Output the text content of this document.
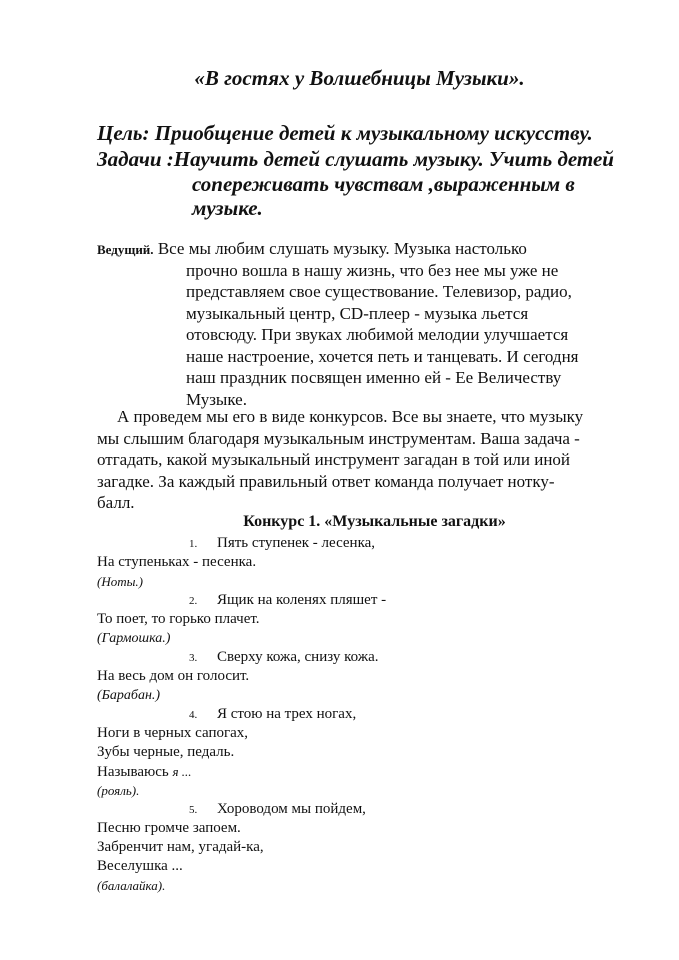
«В гостях у Волшебницы Музыки».
Цель: Приобщение детей к музыкальному искусству.
Задачи :Научить детей слушать музыку. Учить детей
сопереживать чувствам ,выраженным в
музыке.
Ведущий. Все мы любим слушать музыку. Музыка настолько
прочно вошла в нашу жизнь, что без нее мы уже не
представляем свое существование. Телевизор, радио,
музыкальный центр, CD-плеер - музыка льется
отовсюду. При звуках любимой мелодии улучшается
наше настроение, хочется петь и танцевать. И сегодня
наш праздник посвящен именно ей - Ее Величеству
Музыке.
А проведем мы его в виде конкурсов. Все вы знаете, что музыку
мы слышим благодаря музыкальным инструментам. Ваша задача -
отгадать, какой музыкальный инструмент загадан в той или иной
загадке. За каждый правильный ответ команда получает нотку-
балл.
Конкурс 1. «Музыкальные загадки»
1. Пять ступенек - лесенка,
На ступеньках - песенка.
(Ноты.)
2. Ящик на коленях пляшет -
То поет, то горько плачет.
(Гармошка.)
3. Сверху кожа, снизу кожа.
На весь дом он голосит.
(Барабан.)
4. Я стою на трех ногах,
Ноги в черных сапогах,
Зубы черные, педаль.
Называюсь я ...
(рояль).
5. Хороводом мы пойдем,
Песню громче запоем.
Забренчит нам, угадай-ка,
Веселушка ...
(балалайка).
